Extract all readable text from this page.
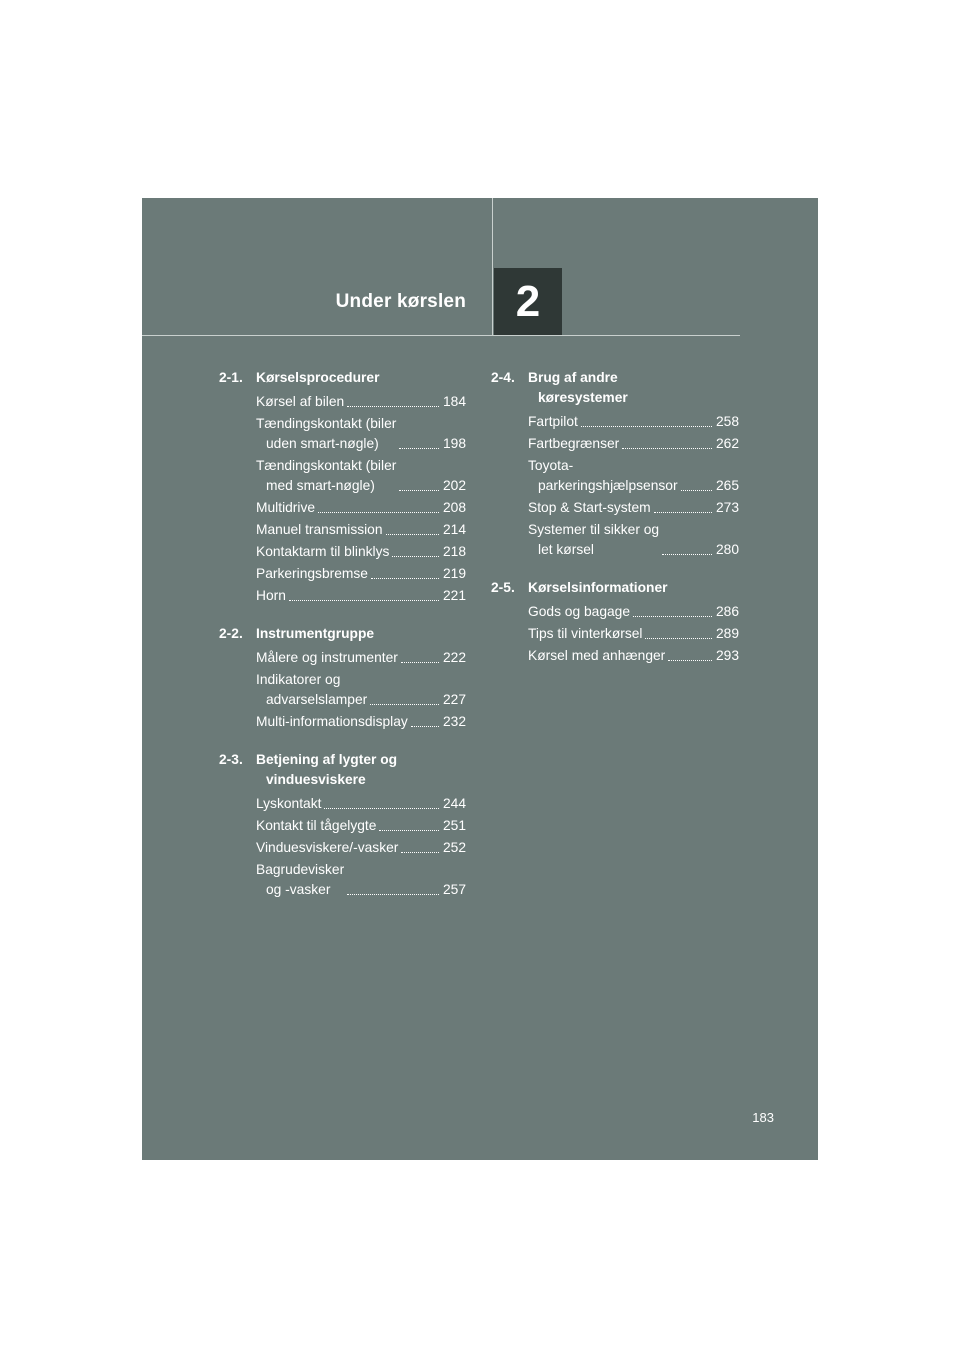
Under kørslen	2
2-1. Kørselsprocedurer
Kørsel af bilen	184
Tændingskontakt (biler
uden smart-nøgle)	198
Tændingskontakt (biler
med smart-nøgle)	202
Multidrive	208
Manuel transmission	214
Kontaktarm til blinklys	218
Parkeringsbremse	219
Horn	221
2-2. Instrumentgruppe
Målere og instrumenter	222
Indikatorer og
advarselslamper	227
Multi-informationsdisplay	232
2-3. Betjening af lygter og
vinduesviskere
Lyskontakt	244
Kontakt til tågelygte	251
Vinduesviskere/-vasker	252
Bagrudevisker
og -vasker	257
2-4. Brug af andre
køresystemer
Fartpilot	258
Fartbegrænser	262
Toyota-
parkeringshjælpsensor	265
Stop & Start-system	273
Systemer til sikker og
let kørsel	280
2-5. Kørselsinformationer
Gods og bagage	286
Tips til vinterkørsel	289
Kørsel med anhænger	293
183
